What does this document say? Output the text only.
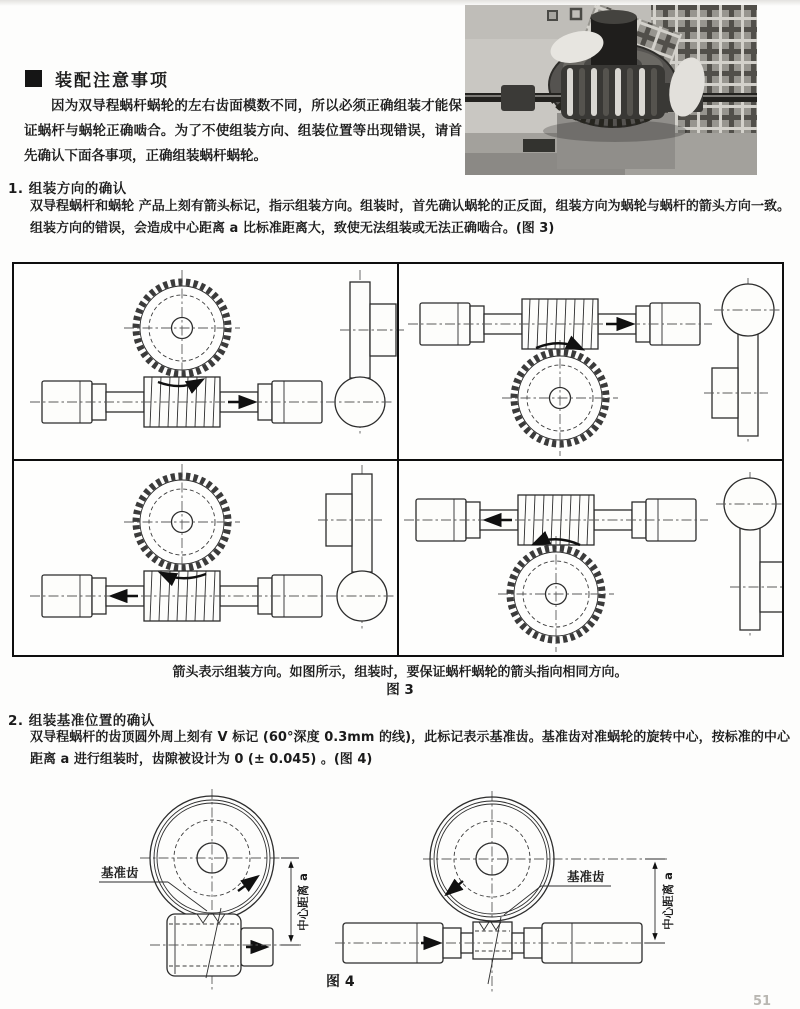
装配注意事项
因为双导程蜗杆蜗轮的左右齿面模数不同，所以必须正确组装才能保证蜗杆与蜗轮正确啮合。为了不使组装方向、组装位置等出现错误，请首先确认下面各事项，正确组装蜗杆蜗轮。
1. 组装方向的确认
双导程蜗杆和蜗轮 产品上刻有箭头标记，指示组装方向。组装时，首先确认蜗轮的正反面，组装方向为蜗轮与蜗杆的箭头方向一致。组装方向的错误，会造成中心距离 a 比标准距离大，致使无法组装或无法正确啮合。(图 3)
箭头表示组装方向。如图所示，组装时，要保证蜗杆蜗轮的箭头指向相同方向。
图 3
2. 组装基准位置的确认
双导程蜗杆的齿顶圆外周上刻有 V 标记 (60°深度 0.3mm 的线)，此标记表示基准齿。基准齿对准蜗轮的旋转中心，按标准的中心距离 a 进行组装时，齿隙被设计为 0 (± 0.045) 。(图 4)
基准齿
中心距离 a	基准齿	中心距离 a
图 4
51
